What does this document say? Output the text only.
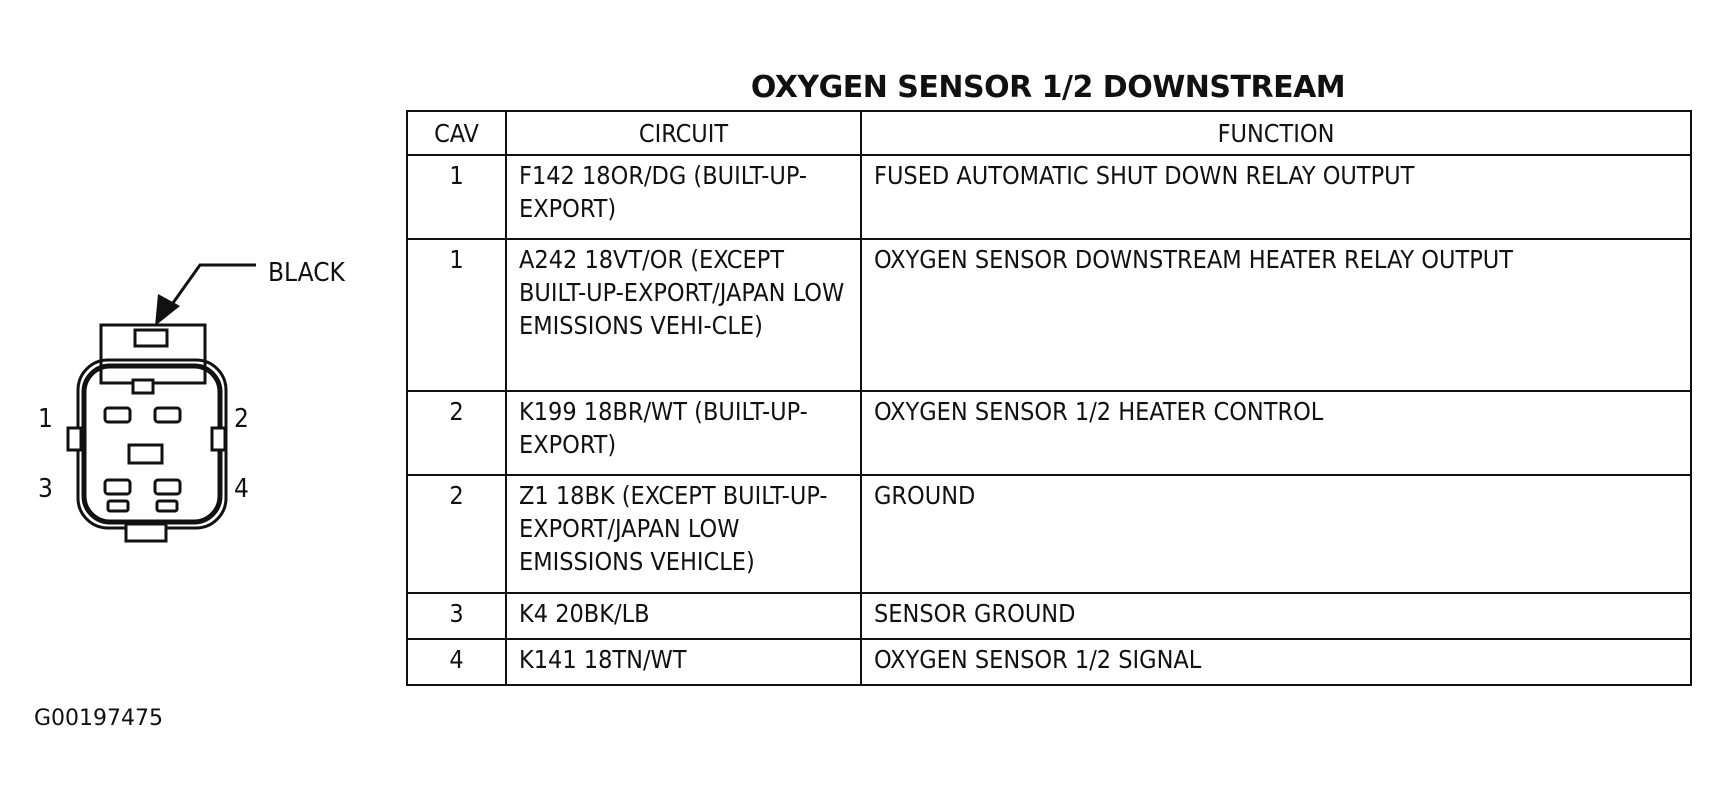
BLACK
1	2
3	4
OXYGEN SENSOR 1/2 DOWNSTREAM
CAV	CIRCUIT	FUNCTION
1	F142 18OR/DG (BUILT-UP-EXPORT)	FUSED AUTOMATIC SHUT DOWN RELAY OUTPUT
1	A242 18VT/OR (EXCEPT BUILT-UP-EXPORT/JAPAN LOW EMISSIONS VEHI-CLE)	OXYGEN SENSOR DOWNSTREAM HEATER RELAY OUTPUT
2	K199 18BR/WT (BUILT-UP-EXPORT)	OXYGEN SENSOR 1/2 HEATER CONTROL
2	Z1 18BK (EXCEPT BUILT-UP-EXPORT/JAPAN LOW EMISSIONS VEHICLE)	GROUND
3	K4 20BK/LB	SENSOR GROUND
4	K141 18TN/WT	OXYGEN SENSOR 1/2 SIGNAL
G00197475
